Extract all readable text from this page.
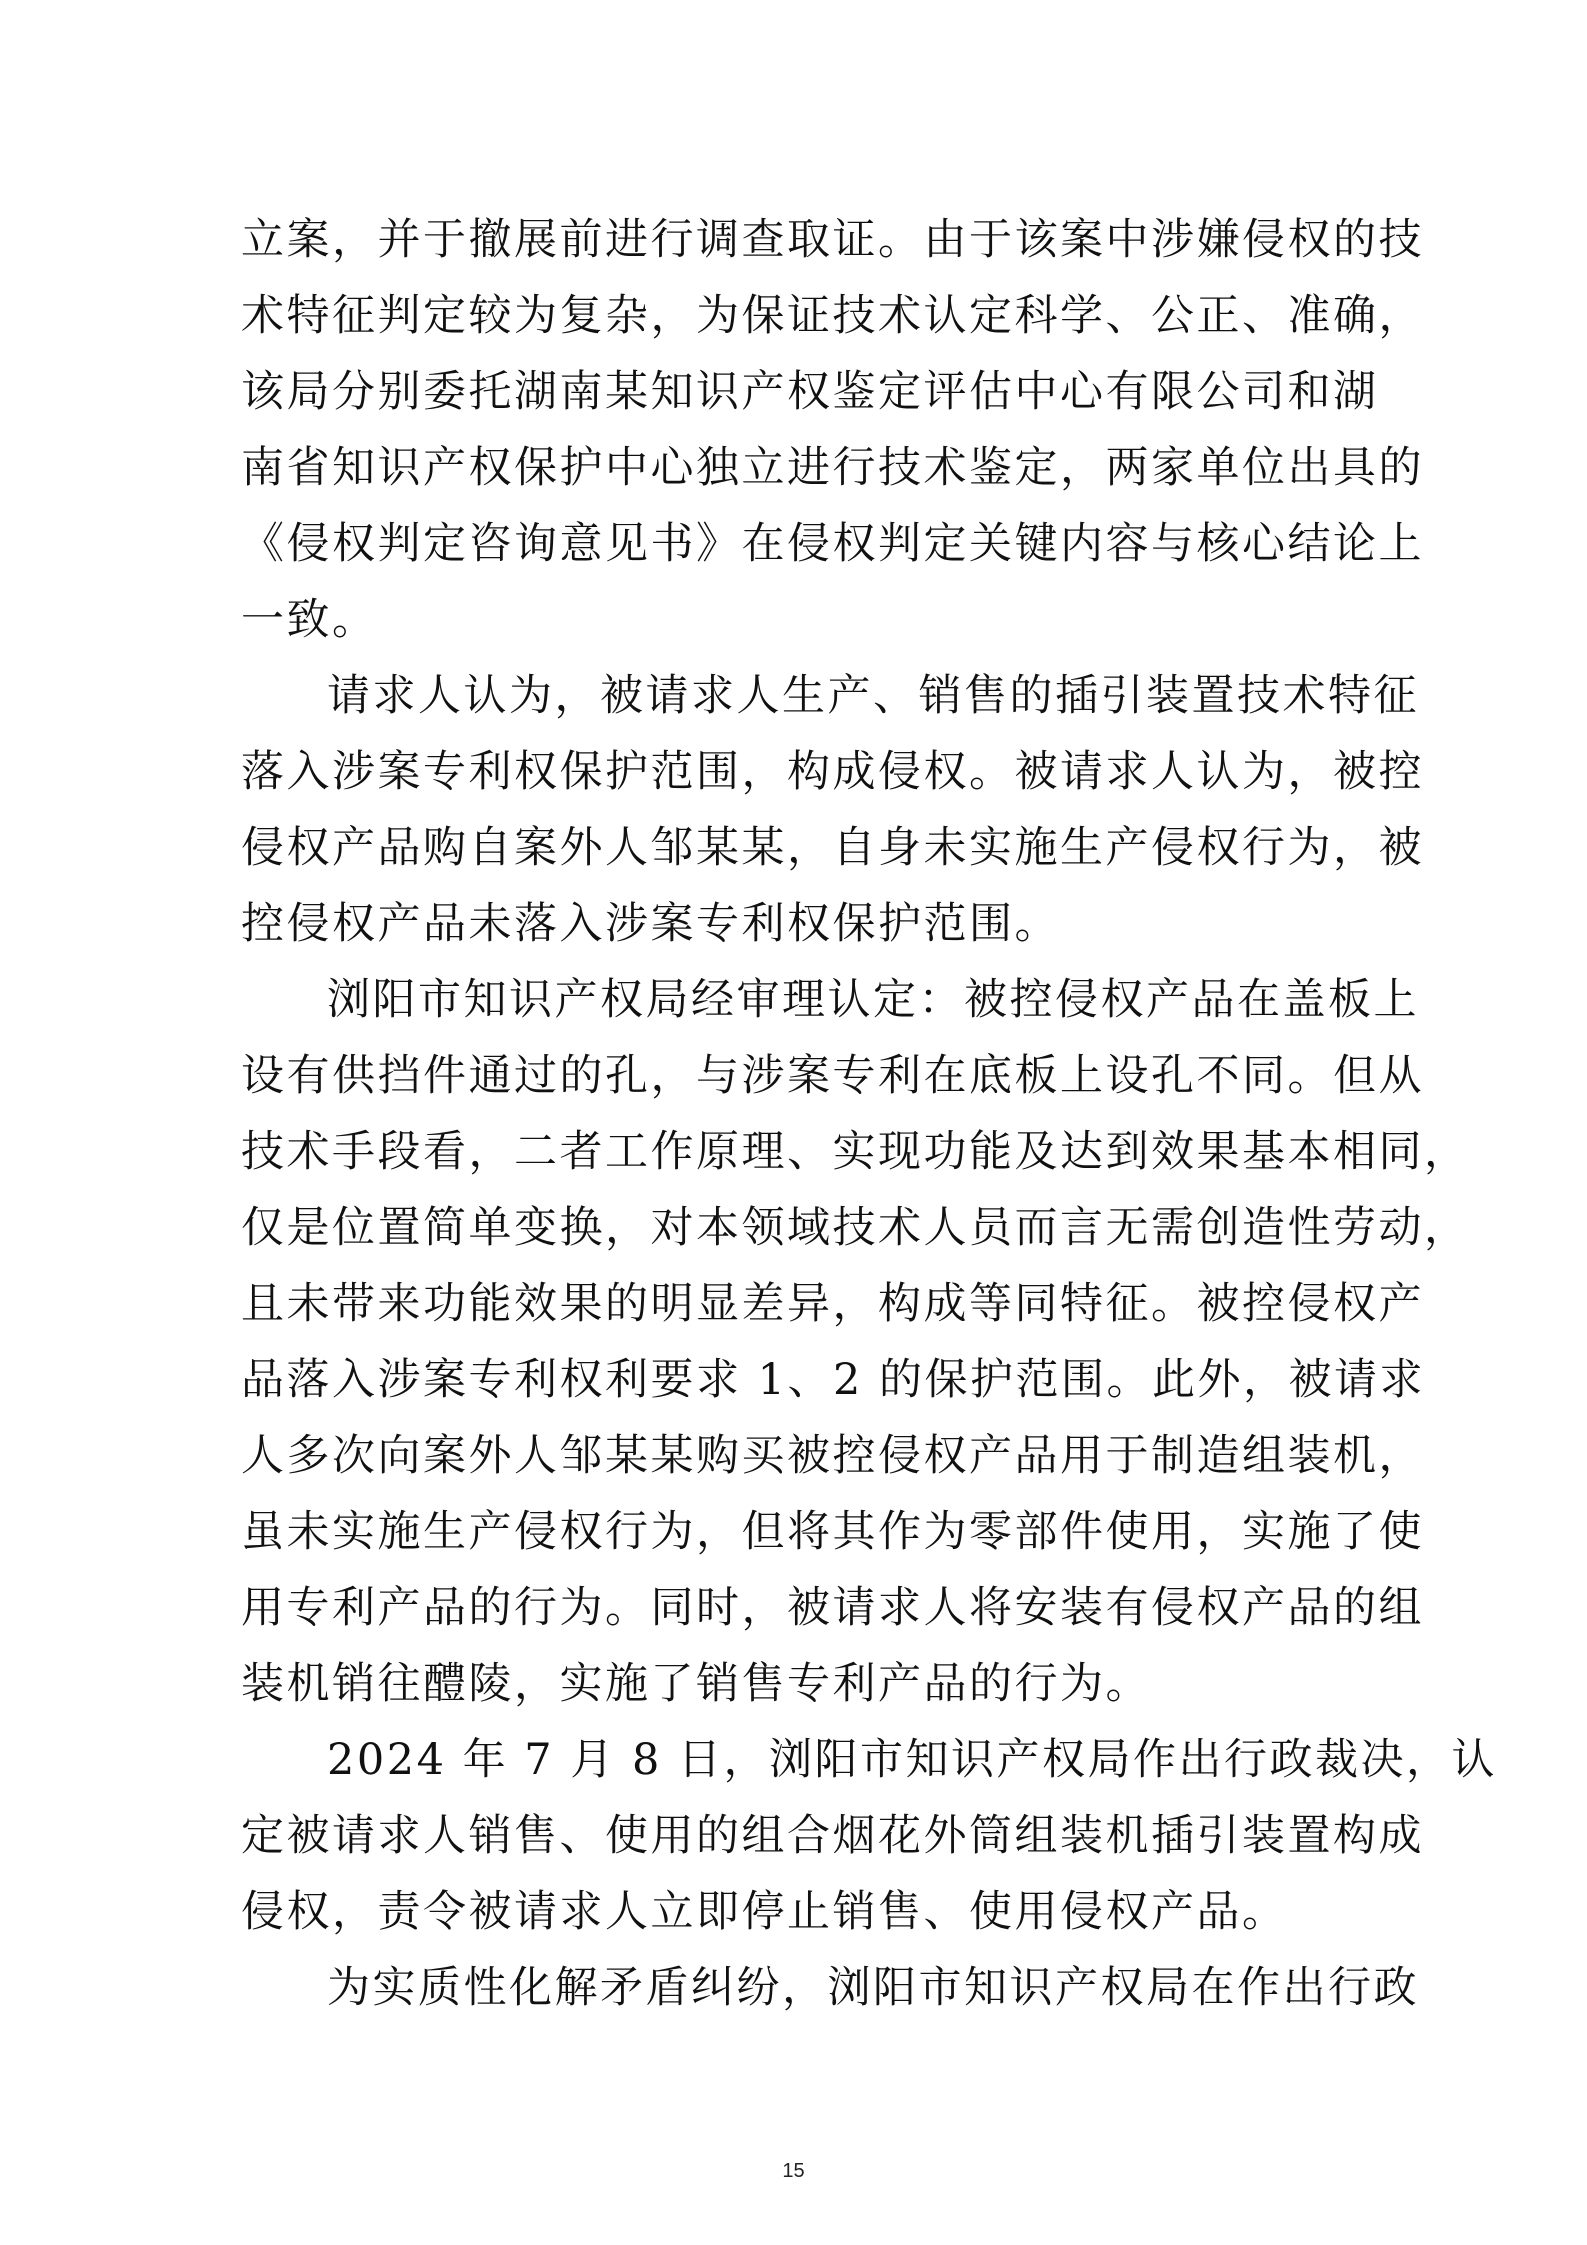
立案，并于撤展前进行调查取证。由于该案中涉嫌侵权的技
术特征判定较为复杂，为保证技术认定科学、公正、准确，
该局分别委托湖南某知识产权鉴定评估中心有限公司和湖
南省知识产权保护中心独立进行技术鉴定，两家单位出具的
《侵权判定咨询意见书》在侵权判定关键内容与核心结论上
一致。
请求人认为，被请求人生产、销售的插引装置技术特征
落入涉案专利权保护范围，构成侵权。被请求人认为，被控
侵权产品购自案外人邹某某，自身未实施生产侵权行为，被
控侵权产品未落入涉案专利权保护范围。
浏阳市知识产权局经审理认定：被控侵权产品在盖板上
设有供挡件通过的孔，与涉案专利在底板上设孔不同。但从
技术手段看，二者工作原理、实现功能及达到效果基本相同，
仅是位置简单变换，对本领域技术人员而言无需创造性劳动，
且未带来功能效果的明显差异，构成等同特征。被控侵权产
品落入涉案专利权利要求 1、2 的保护范围。此外，被请求
人多次向案外人邹某某购买被控侵权产品用于制造组装机，
虽未实施生产侵权行为，但将其作为零部件使用，实施了使
用专利产品的行为。同时，被请求人将安装有侵权产品的组
装机销往醴陵，实施了销售专利产品的行为。
2024 年 7 月 8 日，浏阳市知识产权局作出行政裁决，认
定被请求人销售、使用的组合烟花外筒组装机插引装置构成
侵权，责令被请求人立即停止销售、使用侵权产品。
为实质性化解矛盾纠纷，浏阳市知识产权局在作出行政
15
